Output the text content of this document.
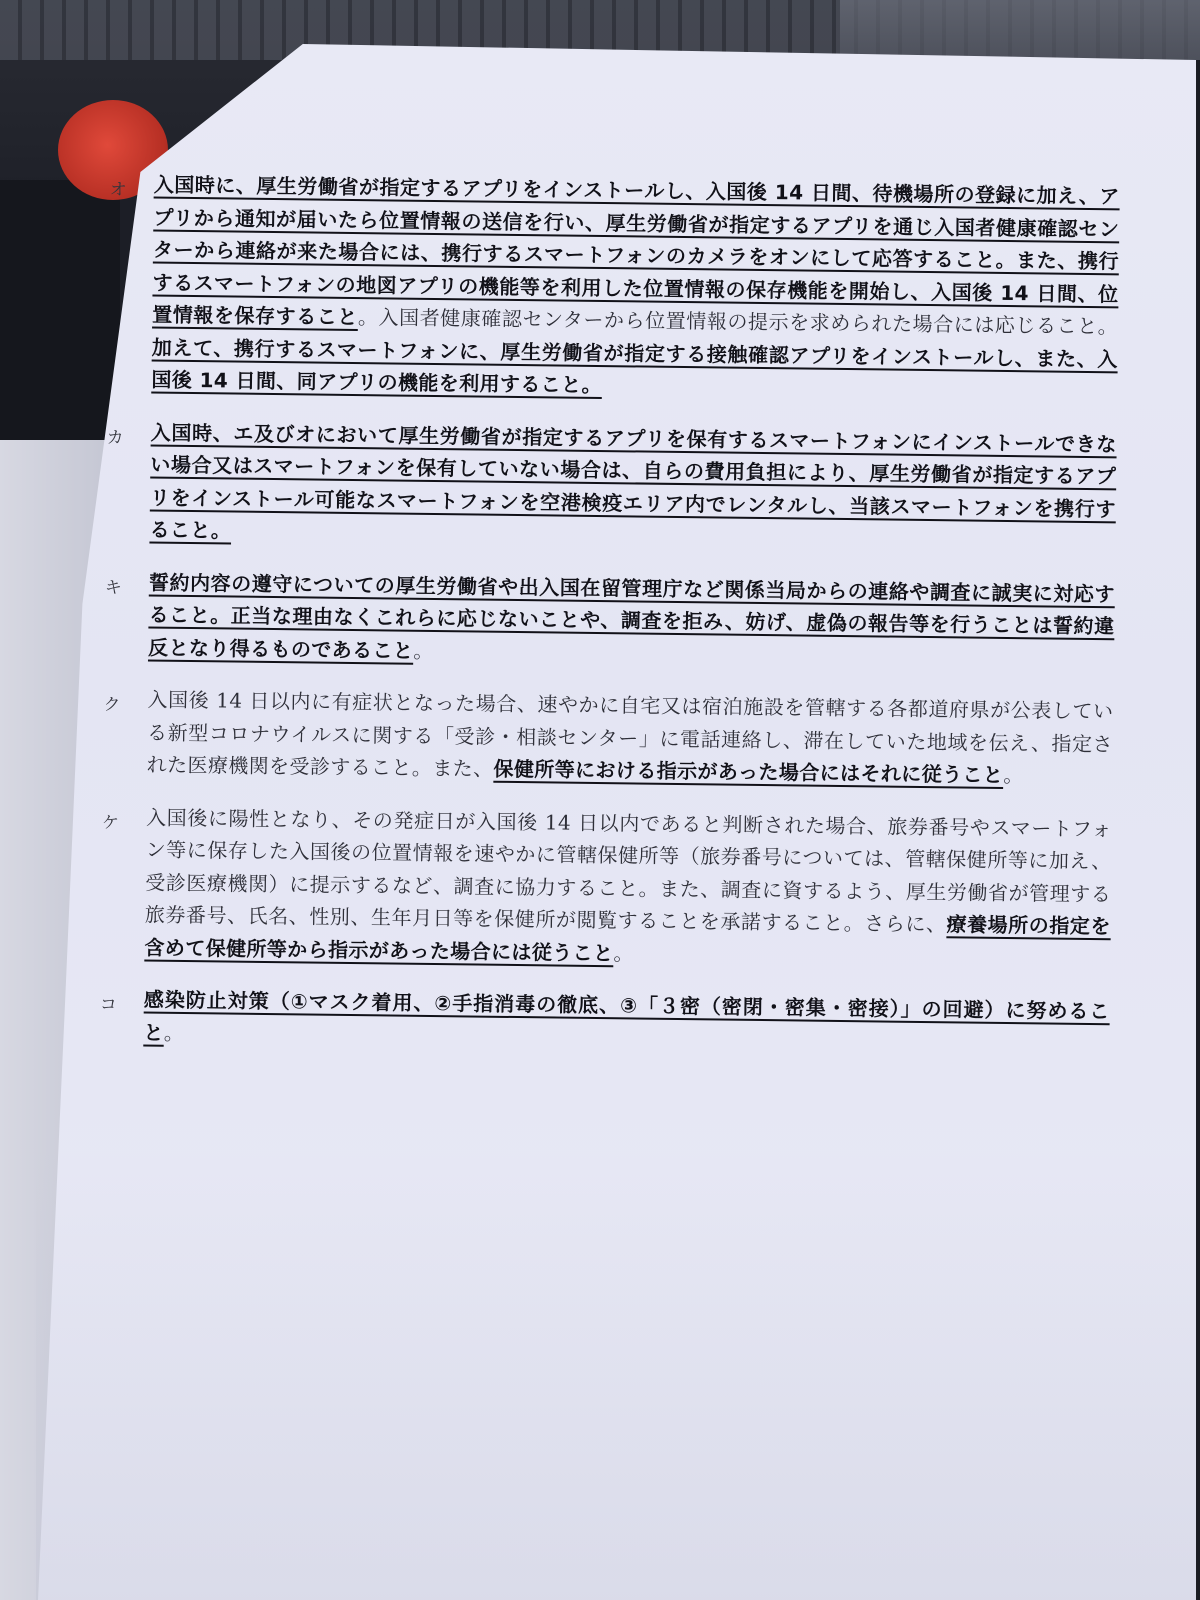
オ	入国時に、厚生労働省が指定するアプリをインストールし、入国後 14 日間、待機場所の登録に加え、アプリから通知が届いたら位置情報の送信を行い、厚生労働省が指定するアプリを通じ入国者健康確認センターから連絡が来た場合には、携行するスマートフォンのカメラをオンにして応答すること。また、携行するスマートフォンの地図アプリの機能等を利用した位置情報の保存機能を開始し、入国後 14 日間、位置情報を保存すること。入国者健康確認センターから位置情報の提示を求められた場合には応じること。加えて、携行するスマートフォンに、厚生労働省が指定する接触確認アプリをインストールし、また、入国後 14 日間、同アプリの機能を利用すること。
カ	入国時、エ及びオにおいて厚生労働省が指定するアプリを保有するスマートフォンにインストールできない場合又はスマートフォンを保有していない場合は、自らの費用負担により、厚生労働省が指定するアプリをインストール可能なスマートフォンを空港検疫エリア内でレンタルし、当該スマートフォンを携行すること。
キ	誓約内容の遵守についての厚生労働省や出入国在留管理庁など関係当局からの連絡や調査に誠実に対応すること。正当な理由なくこれらに応じないことや、調査を拒み、妨げ、虚偽の報告等を行うことは誓約違反となり得るものであること。
ク	入国後 14 日以内に有症状となった場合、速やかに自宅又は宿泊施設を管轄する各都道府県が公表している新型コロナウイルスに関する「受診・相談センター」に電話連絡し、滞在していた地域を伝え、指定された医療機関を受診すること。また、保健所等における指示があった場合にはそれに従うこと。
ケ	入国後に陽性となり、その発症日が入国後 14 日以内であると判断された場合、旅券番号やスマートフォン等に保存した入国後の位置情報を速やかに管轄保健所等（旅券番号については、管轄保健所等に加え、受診医療機関）に提示するなど、調査に協力すること。また、調査に資するよう、厚生労働省が管理する旅券番号、氏名、性別、生年月日等を保健所が閲覧することを承諾すること。さらに、療養場所の指定を含めて保健所等から指示があった場合には従うこと。
コ	感染防止対策（①マスク着用、②手指消毒の徹底、③「３密（密閉・密集・密接）」の回避）に努めること。
